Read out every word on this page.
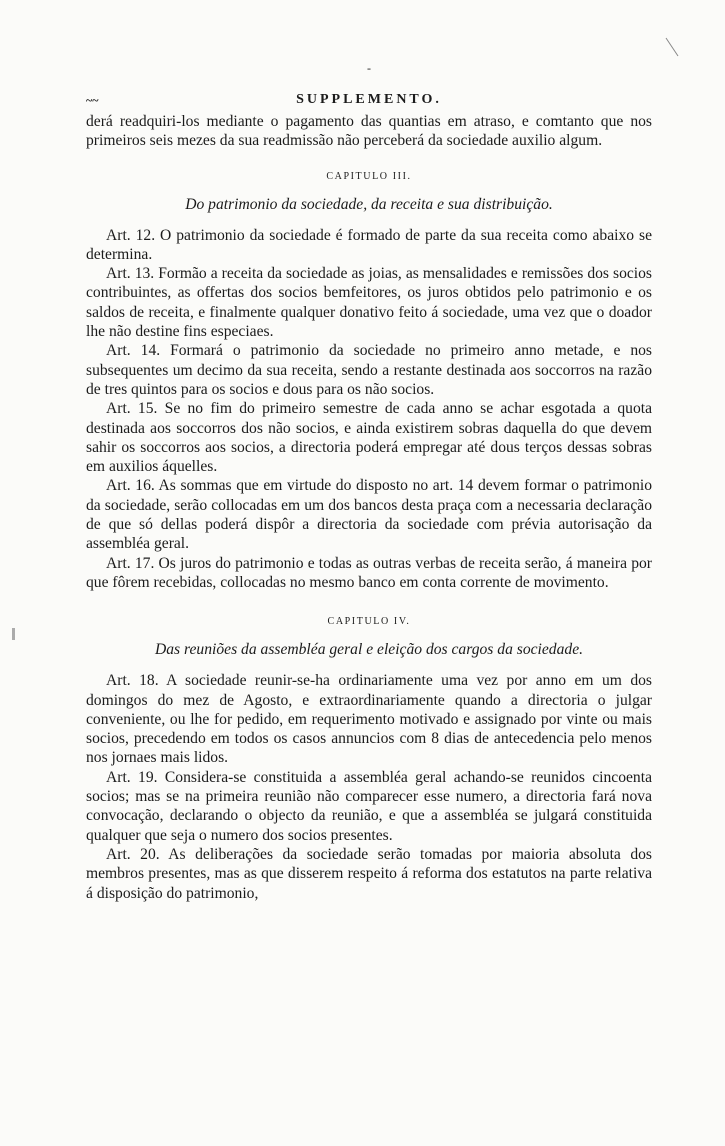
-
~~	SUPPLEMENTO.

derá readquiri-los mediante o pagamento das quantias em atraso, e comtanto que nos primeiros seis mezes da sua readmissão não perceberá da sociedade auxilio algum.

CAPITULO III.
Do patrimonio da sociedade, da receita e sua distribuição.

Art. 12. O patrimonio da sociedade é formado de parte da sua receita como abaixo se determina.

Art. 13. Formão a receita da sociedade as joias, as mensalidades e remissões dos socios contribuintes, as offertas dos socios bemfeitores, os juros obtidos pelo patrimonio e os saldos de receita, e finalmente qualquer donativo feito á sociedade, uma vez que o doador lhe não destine fins especiaes.

Art. 14. Formará o patrimonio da sociedade no primeiro anno metade, e nos subsequentes um decimo da sua receita, sendo a restante destinada aos soccorros na razão de tres quintos para os socios e dous para os não socios.

Art. 15. Se no fim do primeiro semestre de cada anno se achar esgotada a quota destinada aos soccorros dos não socios, e ainda existirem sobras daquella do que devem sahir os soccorros aos socios, a directoria poderá empregar até dous terços dessas sobras em auxilios áquelles.

Art. 16. As sommas que em virtude do disposto no art. 14 devem formar o patrimonio da sociedade, serão collocadas em um dos bancos desta praça com a necessaria declaração de que só dellas poderá dispôr a directoria da sociedade com prévia autorisação da assembléa geral.

Art. 17. Os juros do patrimonio e todas as outras verbas de receita serão, á maneira por que fôrem recebidas, collocadas no mesmo banco em conta corrente de movimento.

CAPITULO IV.
Das reuniões da assembléa geral e eleição dos cargos da sociedade.

Art. 18. A sociedade reunir-se-ha ordinariamente uma vez por anno em um dos domingos do mez de Agosto, e extraordinariamente quando a directoria o julgar conveniente, ou lhe for pedido, em requerimento motivado e assignado por vinte ou mais socios, precedendo em todos os casos annuncios com 8 dias de antecedencia pelo menos nos jornaes mais lidos.

Art. 19. Considera-se constituida a assembléa geral achando-se reunidos cincoenta socios; mas se na primeira reunião não comparecer esse numero, a directoria fará nova convocação, declarando o objecto da reunião, e que a assembléa se julgará constituida qualquer que seja o numero dos socios presentes.

Art. 20. As deliberações da sociedade serão tomadas por maioria absoluta dos membros presentes, mas as que disserem respeito á reforma dos estatutos na parte relativa á disposição do patrimonio,
